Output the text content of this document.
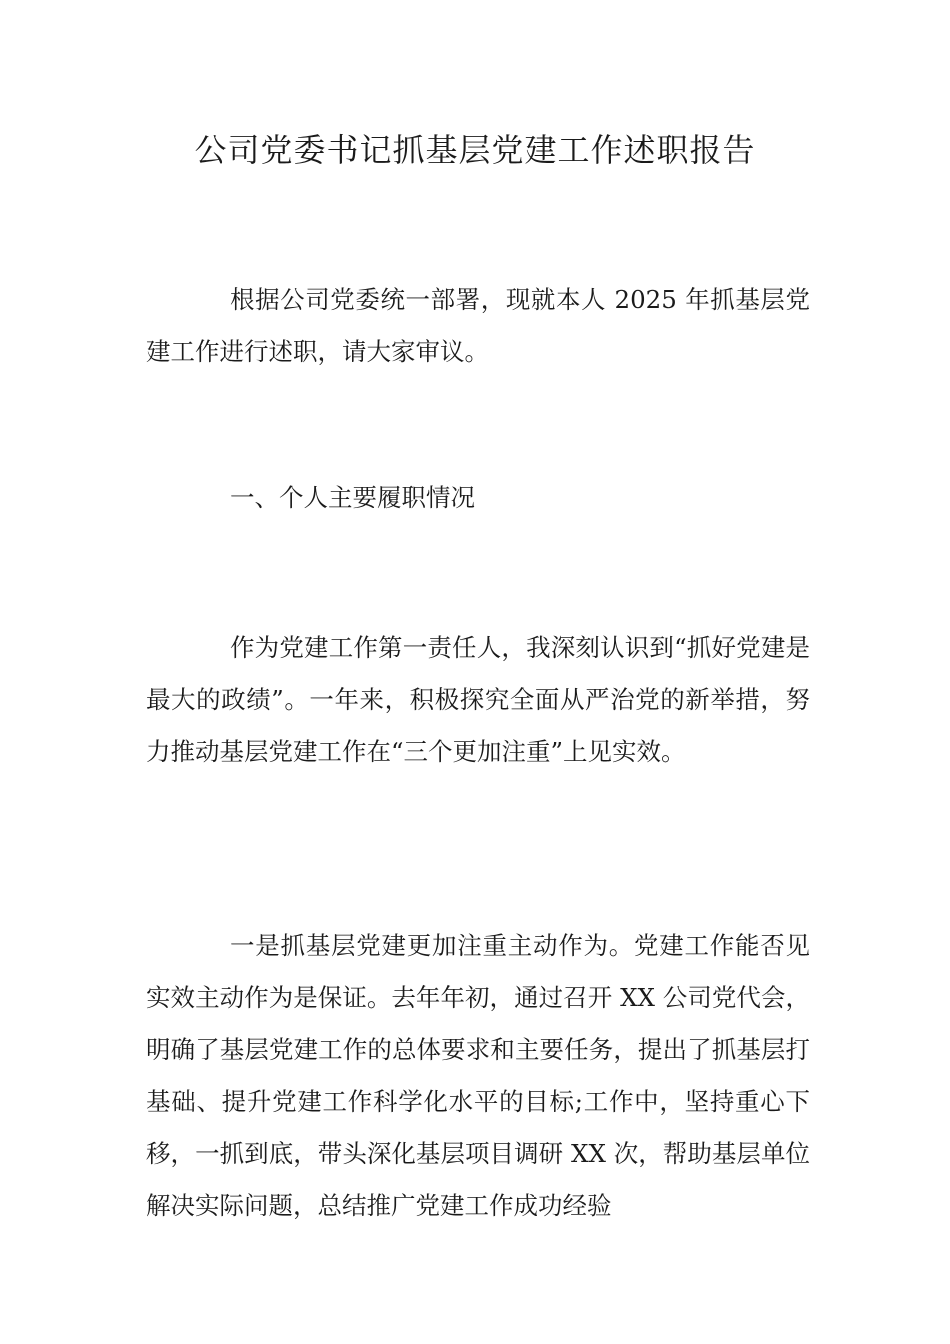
公司党委书记抓基层党建工作述职报告

根据公司党委统一部署，现就本人 2025 年抓基层党建工作进行述职，请大家审议。

一、个人主要履职情况

作为党建工作第一责任人，我深刻认识到“抓好党建是最大的政绩”。一年来，积极探究全面从严治党的新举措，努力推动基层党建工作在“三个更加注重”上见实效。

一是抓基层党建更加注重主动作为。党建工作能否见实效主动作为是保证。去年年初，通过召开 XX 公司党代会，明确了基层党建工作的总体要求和主要任务，提出了抓基层打基础、提升党建工作科学化水平的目标;工作中，坚持重心下移，一抓到底，带头深化基层项目调研 XX 次，帮助基层单位解决实际问题，总结推广党建工作成功经验
